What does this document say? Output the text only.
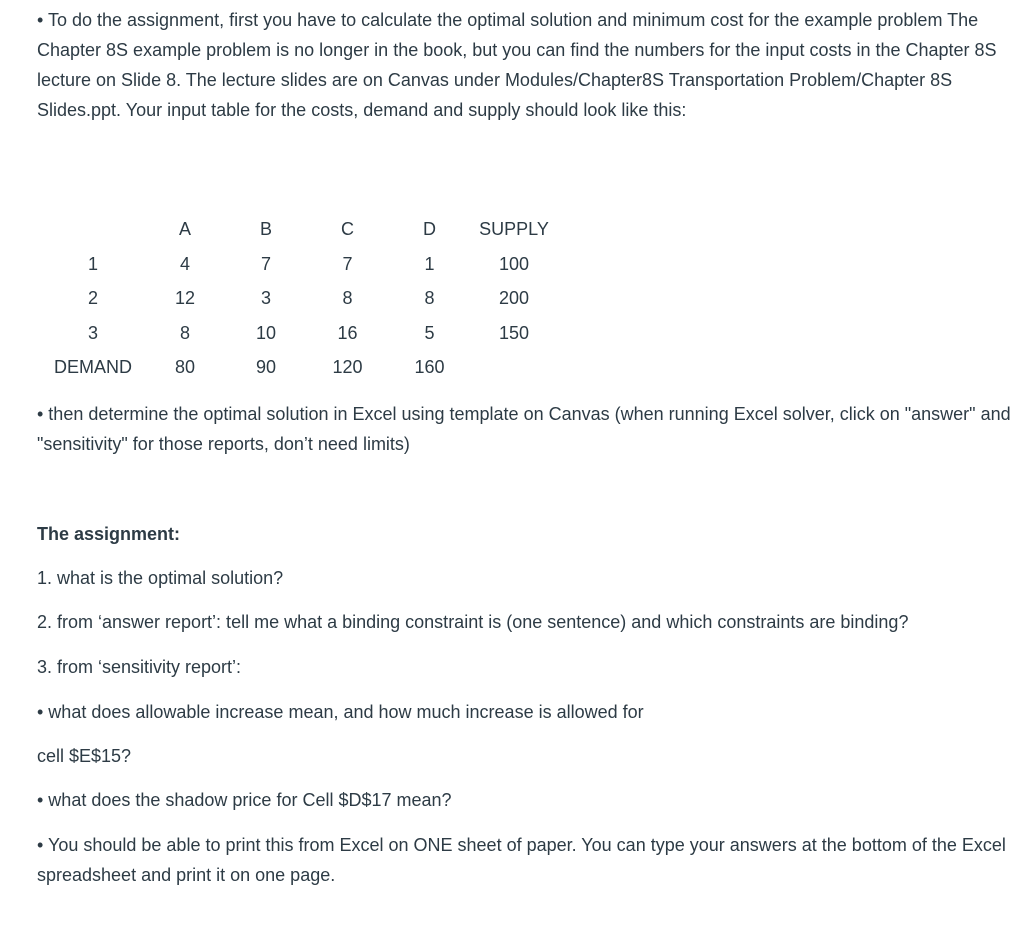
• To do the assignment, first you have to calculate the optimal solution and minimum cost for the example problem The Chapter 8S example problem is no longer in the book, but you can find the numbers for the input costs in the Chapter 8S lecture on Slide 8. The lecture slides are on Canvas under Modules/Chapter8S Transportation Problem/Chapter 8S Slides.ppt. Your input table for the costs, demand and supply should look like this:

	A	B	C	D	SUPPLY
1	4	7	7	1	100
2	12	3	8	8	200
3	8	10	16	5	150
DEMAND	80	90	120	160	

• then determine the optimal solution in Excel using template on Canvas (when running Excel solver, click on "answer" and "sensitivity" for those reports, don’t need limits)

The assignment:

1. what is the optimal solution?

2. from ‘answer report’: tell me what a binding constraint is (one sentence) and which constraints are binding?

3. from ‘sensitivity report’:

• what does allowable increase mean, and how much increase is allowed for

cell $E$15?

• what does the shadow price for Cell $D$17 mean?

• You should be able to print this from Excel on ONE sheet of paper. You can type your answers at the bottom of the Excel spreadsheet and print it on one page.
